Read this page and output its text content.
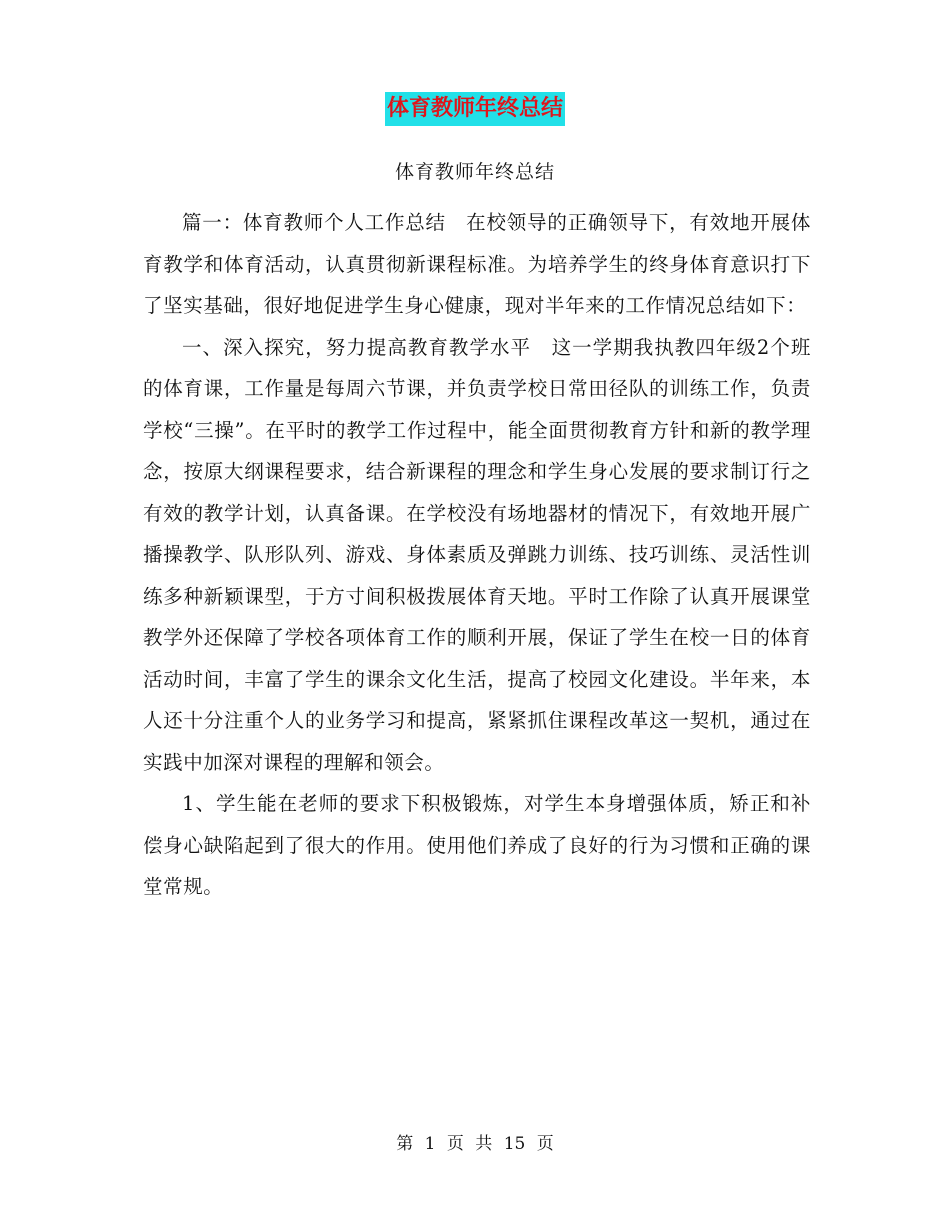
体育教师年终总结
体育教师年终总结

篇一：体育教师个人工作总结　在校领导的正确领导下，有效地开展体育教学和体育活动，认真贯彻新课程标准。为培养学生的终身体育意识打下了坚实基础，很好地促进学生身心健康，现对半年来的工作情况总结如下：

一、深入探究，努力提高教育教学水平　这一学期我执教四年级2个班的体育课，工作量是每周六节课，并负责学校日常田径队的训练工作，负责学校“三操”。在平时的教学工作过程中，能全面贯彻教育方针和新的教学理念，按原大纲课程要求，结合新课程的理念和学生身心发展的要求制订行之有效的教学计划，认真备课。在学校没有场地器材的情况下，有效地开展广播操教学、队形队列、游戏、身体素质及弹跳力训练、技巧训练、灵活性训练多种新颖课型，于方寸间积极拨展体育天地。平时工作除了认真开展课堂教学外还保障了学校各项体育工作的顺利开展，保证了学生在校一日的体育活动时间，丰富了学生的课余文化生活，提高了校园文化建设。半年来，本人还十分注重个人的业务学习和提高，紧紧抓住课程改革这一契机，通过在实践中加深对课程的理解和领会。

1、学生能在老师的要求下积极锻炼，对学生本身增强体质，矫正和补偿身心缺陷起到了很大的作用。使用他们养成了良好的行为习惯和正确的课堂常规。

第 1 页 共 15 页
